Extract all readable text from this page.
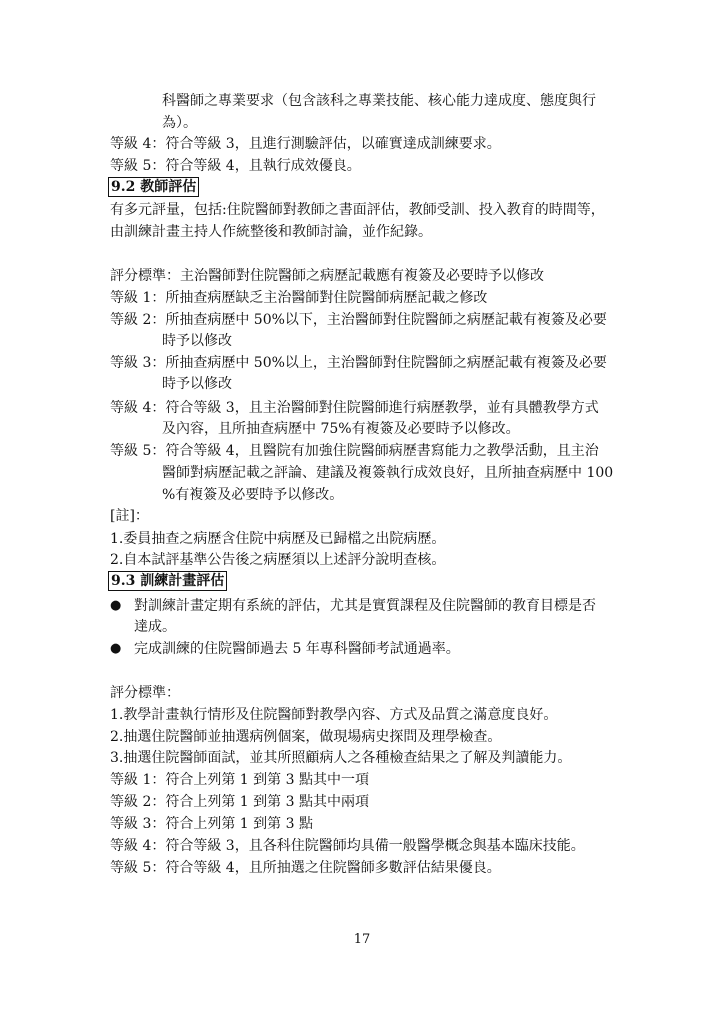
科醫師之專業要求（包含該科之專業技能、核心能力達成度、態度與行
為）。
等級 4：符合等級 3，且進行測驗評估，以確實達成訓練要求。
等級 5：符合等級 4，且執行成效優良。
9.2 教師評估
有多元評量，包括:住院醫師對教師之書面評估，教師受訓、投入教育的時間等，
由訓練計畫主持人作統整後和教師討論，並作紀錄。
評分標準：主治醫師對住院醫師之病歷記載應有複簽及必要時予以修改
等級 1：所抽查病歷缺乏主治醫師對住院醫師病歷記載之修改
等級 2：所抽查病歷中 50%以下，主治醫師對住院醫師之病歷記載有複簽及必要
時予以修改
等級 3：所抽查病歷中 50%以上，主治醫師對住院醫師之病歷記載有複簽及必要
時予以修改
等級 4：符合等級 3，且主治醫師對住院醫師進行病歷教學，並有具體教學方式
及內容，且所抽查病歷中 75%有複簽及必要時予以修改。
等級 5：符合等級 4，且醫院有加強住院醫師病歷書寫能力之教學活動，且主治
醫師對病歷記載之評論、建議及複簽執行成效良好，且所抽查病歷中 100
%有複簽及必要時予以修改。
[註]：
1.委員抽查之病歷含住院中病歷及已歸檔之出院病歷。
2.自本試評基準公告後之病歷須以上述評分說明查核。
9.3 訓練計畫評估
● 對訓練計畫定期有系統的評估，尤其是實質課程及住院醫師的教育目標是否
達成。
● 完成訓練的住院醫師過去 5 年專科醫師考試通過率。
評分標準：
1.教學計畫執行情形及住院醫師對教學內容、方式及品質之滿意度良好。
2.抽選住院醫師並抽選病例個案，做現場病史探問及理學檢查。
3.抽選住院醫師面試，並其所照顧病人之各種檢查結果之了解及判讀能力。
等級 1：符合上列第 1 到第 3 點其中一項
等級 2：符合上列第 1 到第 3 點其中兩項
等級 3：符合上列第 1 到第 3 點
等級 4：符合等級 3，且各科住院醫師均具備一般醫學概念與基本臨床技能。
等級 5：符合等級 4，且所抽選之住院醫師多數評估結果優良。
17
